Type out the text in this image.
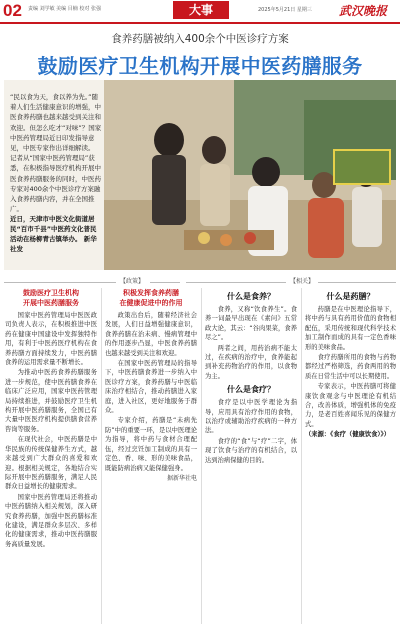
02 责编 刘学敏 美编 目楠 校对 张强	大事	2025年5月21日 星期三 武汉晚报
食养药膳被纳入400余个中医诊疗方案
鼓励医疗卫生机构开展中医药膳服务
“民以食为天，食以养为先。”随着人们生活健康意识的增强，中医食养药膳也越来越受到关注和欢迎。但怎么吃才“对味”？国家中医药管理局近日印发指导意见，中医专家作出详细解读。 记者从“国家中医药管理局”获悉，在积极指导医疗机构开展中医食养药膳服务的同时，中医药专家对400余个中医诊疗方案融入食养药膳内容，并在全国推广。
近日，天津市中医文化街道居民“百市千县”中医药文化普民活动在杨柳青古镇举办。 新华社发
【政策】	【相关】
鼓励医疗卫生机构
开展中医药膳服务

国家中医药管理局中医医政司负责人表示，在积极推进中医药在健康中国建设中发挥独特作用，有利于中医药医疗机构在食养药膳方面持续发力，中医药膳食养的运用需求量不断增长。

为推动中医药食养药膳服务进一步规范，使中医药膳食养在临床广泛应用，国家中医药管理局持续推进，并鼓励医疗卫生机构开展中医药膳服务，全国已有大量中医医疗机构提供膳食营养咨询等服务。

在现代社会，中医药膳是中华民族的传统保健养生方式，越来越受到广大群众的喜爱和欢迎。根据相关规定，各地结合实际开展中医药膳服务，满足人民群众日益增长的健康需求。

国家中医药管理局还将推动中医药膳纳入相关规划，深入研究食养药膳，加强中医药膳标准化建设，满足群众多层次、多样化的健康需求，推动中医药膳服务高质量发展。

积极发挥食养药膳
在健康促进中的作用

政策出台后，随着经济社会发展，人们日益增强健康意识，食养药膳在治未病、慢病管理中的作用逐步凸显，中医食养药膳也越来越受到关注和欢迎。

在国家中医药管理局的指导下，中医药膳食养进一步纳入中医诊疗方案，食养药膳与中医临床治疗相结合，推动药膳进入家庭，进入社区，更好地服务于群众。

专家介绍，药膳是“未病先防”中的重要一环，是以中医理论为指导，将中药与食材合理配伍，经过烹饪加工制成的具有一定色、香、味、形的美味食品，既能防病治病又能保健强身。

据新华社电
什么是食养？

食养，又称“饮食养生”。食养一词最早出现在《素问》五常政大论，其云：“谷肉果菜，食养尽之”。

两者之间，用药治病不能太过，在疾病的治疗中，食养能起到补充药物治疗的作用，以食物为主。

什么是食疗？

食疗是以中医学理论为指导，应用具有治疗作用的食物，以治疗或辅助治疗疾病的一种方法。

食疗的“食”与“疗”二字，体现了饮食与治疗的有机结合，以达到治病保健的目的。

什么是药膳？

药膳是在中医理论指导下，将中药与具有药用价值的食物相配伍，采用传统和现代科学技术加工制作而成的具有一定色香味形的美味食品。

食疗药膳所用的食物与药物都经过严格筛选，药食两用的物质在日常生活中可以长期使用。

专家表示，中医药膳可将健康饮食观念与中医理论有机结合，改善体质，增强机体的免疫力，是老百姓喜闻乐见的保健方式。

（来源：《食疗（健康饮食）》）
